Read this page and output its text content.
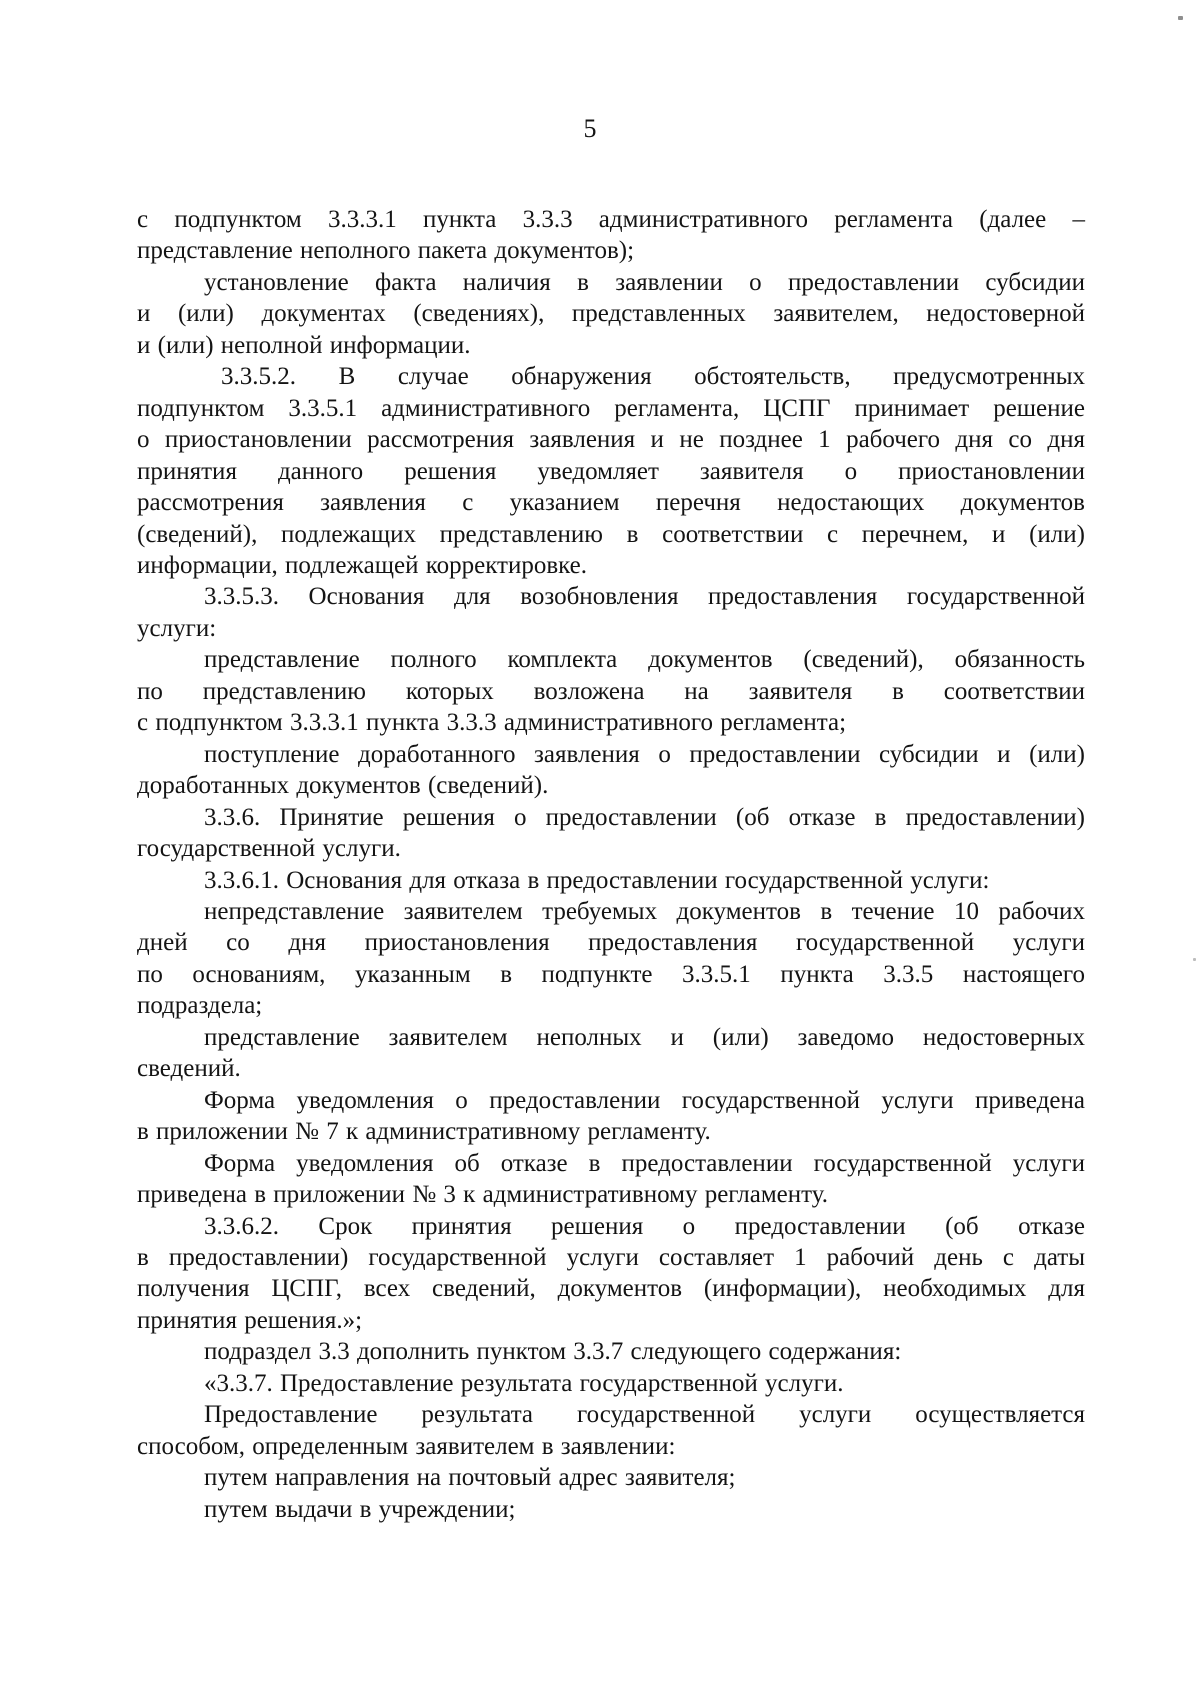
5
с подпунктом 3.3.3.1 пункта 3.3.3 административного регламента (далее –
представление неполного пакета документов);
установление факта наличия в заявлении о предоставлении субсидии
и (или) документах (сведениях), представленных заявителем, недостоверной
и (или) неполной информации.
3.3.5.2. В случае обнаружения обстоятельств, предусмотренных
подпунктом 3.3.5.1 административного регламента, ЦСПГ принимает решение
о приостановлении рассмотрения заявления и не позднее 1 рабочего дня со дня
принятия данного решения уведомляет заявителя о приостановлении
рассмотрения заявления с указанием перечня недостающих документов
(сведений), подлежащих представлению в соответствии с перечнем, и (или)
информации, подлежащей корректировке.
3.3.5.3. Основания для возобновления предоставления государственной
услуги:
представление полного комплекта документов (сведений), обязанность
по представлению которых возложена на заявителя в соответствии
с подпунктом 3.3.3.1 пункта 3.3.3 административного регламента;
поступление доработанного заявления о предоставлении субсидии и (или)
доработанных документов (сведений).
3.3.6. Принятие решения о предоставлении (об отказе в предоставлении)
государственной услуги.
3.3.6.1. Основания для отказа в предоставлении государственной услуги:
непредставление заявителем требуемых документов в течение 10 рабочих
дней со дня приостановления предоставления государственной услуги
по основаниям, указанным в подпункте 3.3.5.1 пункта 3.3.5 настоящего
подраздела;
представление заявителем неполных и (или) заведомо недостоверных
сведений.
Форма уведомления о предоставлении государственной услуги приведена
в приложении № 7 к административному регламенту.
Форма уведомления об отказе в предоставлении государственной услуги
приведена в приложении № 3 к административному регламенту.
3.3.6.2. Срок принятия решения о предоставлении (об отказе
в предоставлении) государственной услуги составляет 1 рабочий день с даты
получения ЦСПГ, всех сведений, документов (информации), необходимых для
принятия решения.»;
подраздел 3.3 дополнить пунктом 3.3.7 следующего содержания:
«3.3.7. Предоставление результата государственной услуги.
Предоставление результата государственной услуги осуществляется
способом, определенным заявителем в заявлении:
путем направления на почтовый адрес заявителя;
путем выдачи в учреждении;
